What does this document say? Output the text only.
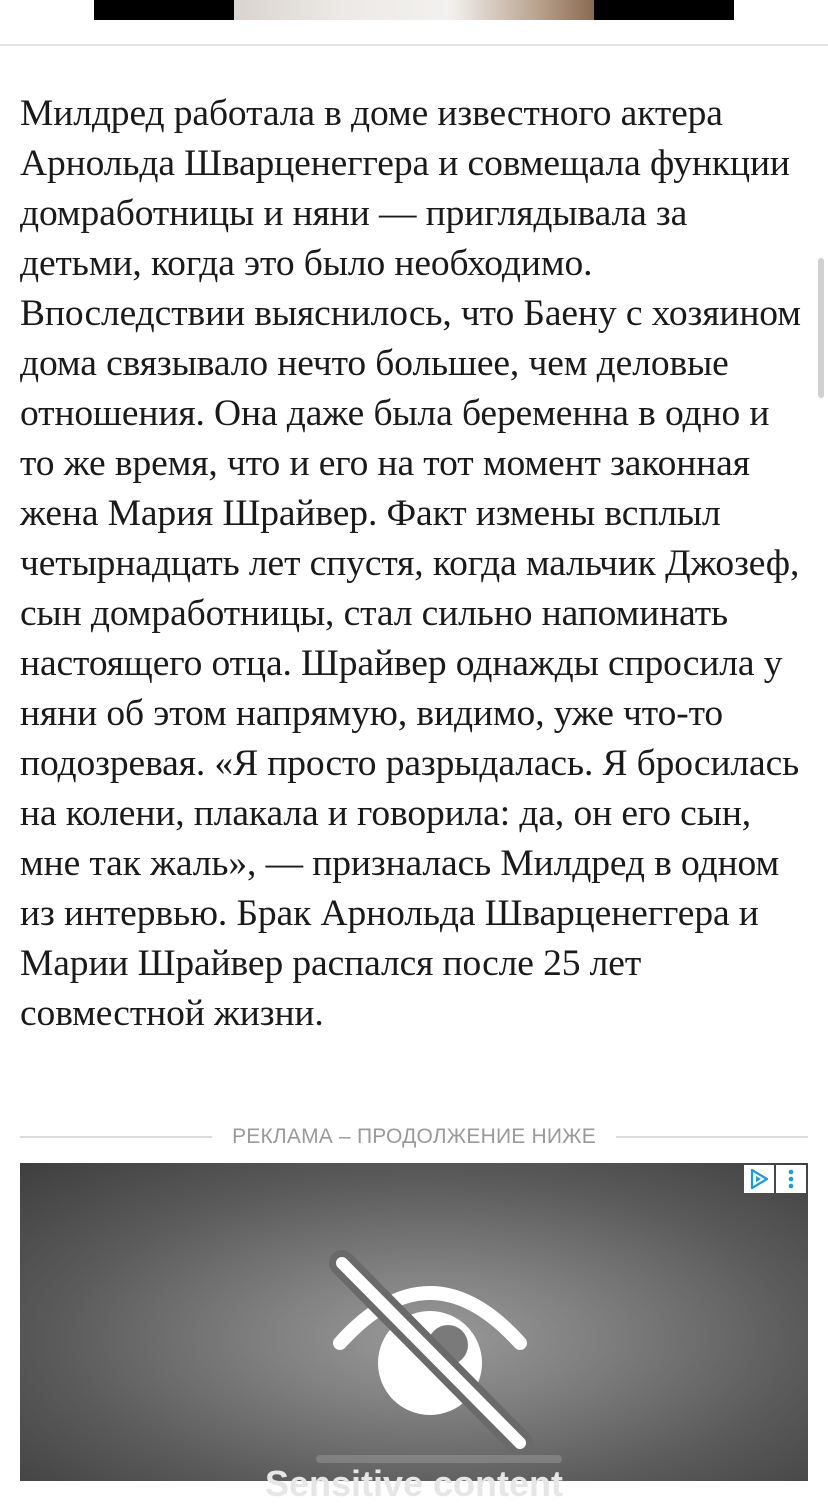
Милдред работала в доме известного актера Арнольда Шварценеггера и совмещала функции домработницы и няни — приглядывала за детьми, когда это было необходимо. Впоследствии выяснилось, что Баену с хозяином дома связывало нечто большее, чем деловые отношения. Она даже была беременна в одно и то же время, что и его на тот момент законная жена Мария Шрайвер. Факт измены всплыл четырнадцать лет спустя, когда мальчик Джозеф, сын домработницы, стал сильно напоминать настоящего отца. Шрайвер однажды спросила у няни об этом напрямую, видимо, уже что-то подозревая. «Я просто разрыдалась. Я бросилась на колени, плакала и говорила: да, он его сын, мне так жаль», — призналась Милдред в одном из интервью. Брак Арнольда Шварценеггера и Марии Шрайвер распался после 25 лет совместной жизни.

РЕКЛАМА – ПРОДОЛЖЕНИЕ НИЖЕ
Sensitive content
